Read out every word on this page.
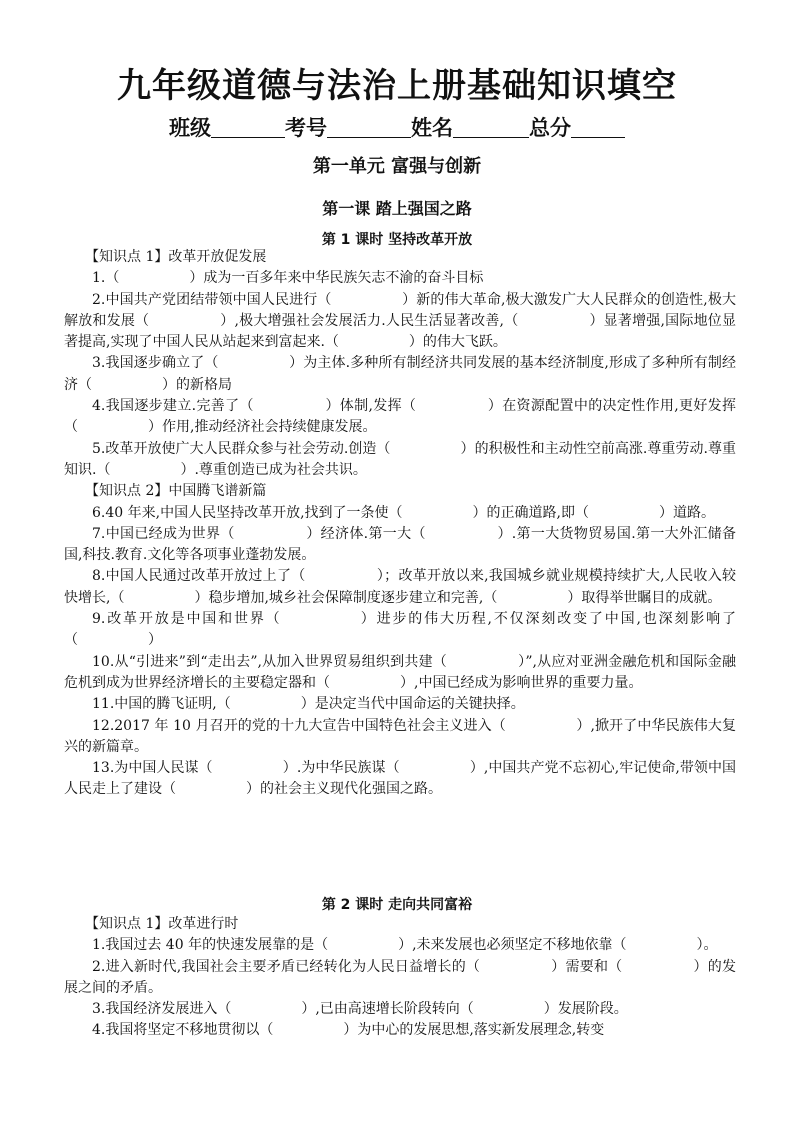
九年级道德与法治上册基础知识填空
班级	考号	姓名	总分
第一单元 富强与创新
第一课 踏上强国之路
第 1 课时 坚持改革开放

【知识点 1】改革开放促发展

1.（　　　　　）成为一百多年来中华民族矢志不渝的奋斗目标

2.中国共产党团结带领中国人民进行（　　　　　）新的伟大革命,极大激发广大人民群众的创造性,极大解放和发展（　　　　　）,极大增强社会发展活力.人民生活显著改善,（　　　　　）显著增强,国际地位显著提高,实现了中国人民从站起来到富起来.（　　　　　）的伟大飞跃。

3.我国逐步确立了（　　　　　）为主体.多种所有制经济共同发展的基本经济制度,形成了多种所有制经济（　　　　　）的新格局

4.我国逐步建立.完善了（　　　　　）体制,发挥（　　　　　）在资源配置中的决定性作用,更好发挥（　　　　　）作用,推动经济社会持续健康发展。

5.改革开放使广大人民群众参与社会劳动.创造（　　　　　）的积极性和主动性空前高涨.尊重劳动.尊重知识.（　　　　　）.尊重创造已成为社会共识。

【知识点 2】中国腾飞谱新篇

6.40 年来,中国人民坚持改革开放,找到了一条使（　　　　　）的正确道路,即（　　　　　）道路。

7.中国已经成为世界（　　　　　）经济体.第一大（　　　　　）.第一大货物贸易国.第一大外汇储备国,科技.教育.文化等各项事业蓬勃发展。

8.中国人民通过改革开放过上了（　　　　　）；改革开放以来,我国城乡就业规模持续扩大,人民收入较快增长,（　　　　　）稳步增加,城乡社会保障制度逐步建立和完善,（　　　　　）取得举世瞩目的成就。

9.改革开放是中国和世界（　　　　　）进步的伟大历程,不仅深刻改变了中国,也深刻影响了（　　　　　）

10.从“引进来”到“走出去”,从加入世界贸易组织到共建（　　　　　）”,从应对亚洲金融危机和国际金融危机到成为世界经济增长的主要稳定器和（　　　　　）,中国已经成为影响世界的重要力量。

11.中国的腾飞证明,（　　　　　）是决定当代中国命运的关键抉择。

12.2017 年 10 月召开的党的十九大宣告中国特色社会主义进入（　　　　　）,掀开了中华民族伟大复兴的新篇章。

13.为中国人民谋（　　　　　）.为中华民族谋（　　　　　）,中国共产党不忘初心,牢记使命,带领中国人民走上了建设（　　　　　）的社会主义现代化强国之路。

第 2 课时 走向共同富裕

【知识点 1】改革进行时

1.我国过去 40 年的快速发展靠的是（　　　　　）,未来发展也必须坚定不移地依靠（　　　　　）。

2.进入新时代,我国社会主要矛盾已经转化为人民日益增长的（　　　　　）需要和（　　　　　）的发展之间的矛盾。

3.我国经济发展进入（　　　　　）,已由高速增长阶段转向（　　　　　）发展阶段。

4.我国将坚定不移地贯彻以（　　　　　）为中心的发展思想,落实新发展理念,转变
